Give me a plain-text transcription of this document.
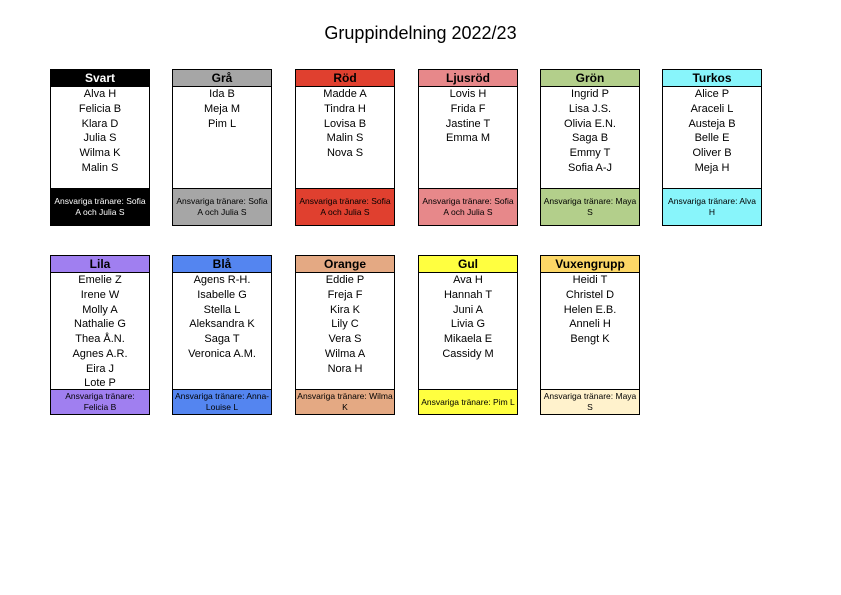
Gruppindelning 2022/23
Svart
Alva H
Felicia B
Klara D
Julia S
Wilma K
Malin S
Ansvariga tränare: Sofia A och Julia S
Grå
Ida B
Meja M
Pim L
Ansvariga tränare: Sofia A och Julia S
Röd
Madde A
Tindra H
Lovisa B
Malin S
Nova S
Ansvariga tränare: Sofia A och Julia S
Ljusröd
Lovis H
Frida F
Jastine T
Emma M
Ansvariga tränare: Sofia A och Julia S
Grön
Ingrid P
Lisa J.S.
Olivia E.N.
Saga B
Emmy T
Sofia A-J
Ansvariga tränare: Maya S
Turkos
Alice P
Araceli L
Austeja B
Belle E
Oliver B
Meja H
Ansvariga tränare: Alva H
Lila
Emelie Z
Irene W
Molly A
Nathalie G
Thea Å.N.
Agnes A.R.
Eira J
Lote P
Ansvariga tränare: Felicia B
Blå
Agens R-H.
Isabelle G
Stella L
Aleksandra K
Saga T
Veronica A.M.
Ansvariga tränare: Anna-Louise L
Orange
Eddie P
Freja F
Kira K
Lily C
Vera S
Wilma A
Nora H
Ansvariga tränare: Wilma K
Gul
Ava H
Hannah T
Juni A
Livia G
Mikaela E
Cassidy M
Ansvariga tränare: Pim L
Vuxengrupp
Heidi T
Christel D
Helen E.B.
Anneli H
Bengt K
Ansvariga tränare: Maya S
